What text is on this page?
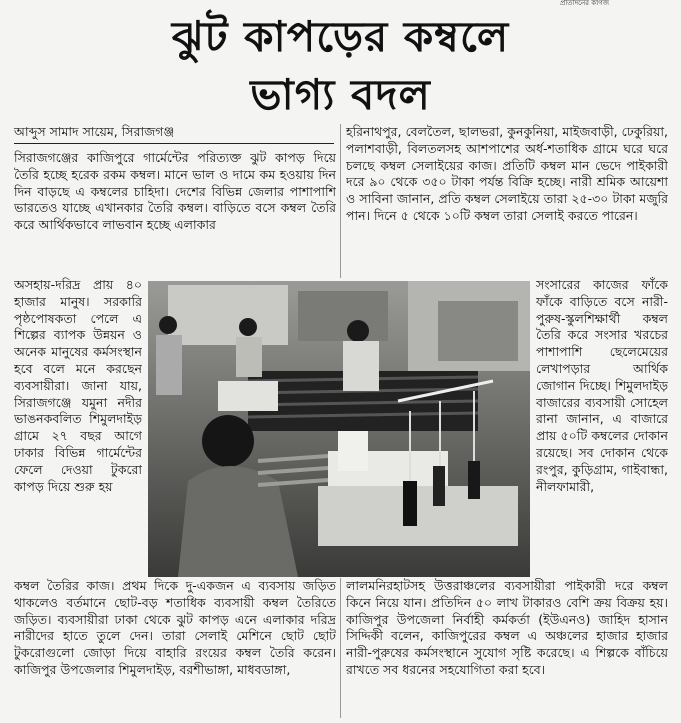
প্রতিদিনের কাগজ
ঝুট কাপড়ের কম্বলে
ভাগ্য বদল
আব্দুস সামাদ সায়েম, সিরাজগঞ্জ

সিরাজগঞ্জের কাজিপুরে গার্মেন্টের পরিত্যক্ত ঝুট কাপড় দিয়ে তৈরি হচ্ছে হরেক রকম কম্বল। মানে ভাল ও দামে কম হওয়ায় দিন দিন বাড়ছে এ কম্বলের চাহিদা। দেশের বিভিন্ন জেলার পাশাপাশি ভারতেও যাচ্ছে এখানকার তৈরি কম্বল। বাড়িতে বসে কম্বল তৈরি করে আর্থিকভাবে লাভবান হচ্ছে এলাকার

অসহায়-দরিদ্র প্রায় ৪০ হাজার মানুষ। সরকারি পৃষ্ঠপোষকতা পেলে এ শিল্পের ব্যাপক উন্নয়ন ও অনেক মানুষের কর্মসংস্থান হবে বলে মনে করছেন ব্যবসায়ীরা। জানা যায়, সিরাজগঞ্জে যমুনা নদীর ভাঙনকবলিত শিমুলদাইড় গ্রামে ২৭ বছর আগে ঢাকার বিভিন্ন গার্মেন্টের ফেলে দেওয়া টুকরো কাপড় দিয়ে শুরু হয়

কম্বল তৈরির কাজ। প্রথম দিকে দু-একজন এ ব্যবসায় জড়িত থাকলেও বর্তমানে ছোট-বড় শতাধিক ব্যবসায়ী কম্বল তৈরিতে জড়িত। ব্যবসায়ীরা ঢাকা থেকে ঝুট কাপড় এনে এলাকার দরিদ্র নারীদের হাতে তুলে দেন। তারা সেলাই মেশিনে ছোট ছোট টুকরোগুলো জোড়া দিয়ে বাহারি রংয়ের কম্বল তৈরি করেন। কাজিপুর উপজেলার শিমুলদাইড়, বরশীভাঙ্গা, মাধবডাঙ্গা,

হরিনাথপুর, বেলতৈল, ছালভরা, কুনকুনিয়া, মাইজবাড়ী, ঢেকুরিয়া, পলাশবাড়ী, বিলতলসহ আশপাশের অর্ধ-শতাধিক গ্রামে ঘরে ঘরে চলছে কম্বল সেলাইয়ের কাজ। প্রতিটি কম্বল মান ভেদে পাইকারী দরে ৯০ থেকে ৩৫০ টাকা পর্যন্ত বিক্রি হচ্ছে। নারী শ্রমিক আয়েশা ও সাবিনা জানান, প্রতি কম্বল সেলাইয়ে তারা ২৫-৩০ টাকা মজুরি পান। দিনে ৫ থেকে ১০টি কম্বল তারা সেলাই করতে পারেন।

সংসারের কাজের ফাঁকে ফাঁকে বাড়িতে বসে নারী-পুরুষ-স্কুলশিক্ষার্থী কম্বল তৈরি করে সংসার খরচের পাশাপাশি ছেলেমেয়ের লেখাপড়ার আর্থিক জোগান দিচ্ছে। শিমুলদাইড় বাজারের ব্যবসায়ী সোহেল রানা জানান, এ বাজারে প্রায় ৫০টি কম্বলের দোকান রয়েছে। সব দোকান থেকে রংপুর, কুড়িগ্রাম, গাইবান্ধা, নীলফামারী,

লালমনিরহাটসহ উত্তরাঞ্চলের ব্যবসায়ীরা পাইকারী দরে কম্বল কিনে নিয়ে যান। প্রতিদিন ৫০ লাখ টাকারও বেশি ক্রয় বিক্রয় হয়। কাজিপুর উপজেলা নির্বাহী কর্মকর্তা (ইউএনও) জাহিদ হাসান সিদ্দিকী বলেন, কাজিপুরের কম্বল এ অঞ্চলের হাজার হাজার নারী-পুরুষের কর্মসংস্থানে সুযোগ সৃষ্টি করেছে। এ শিল্পকে বাঁচিয়ে রাখতে সব ধরনের সহযোগিতা করা হবে।
